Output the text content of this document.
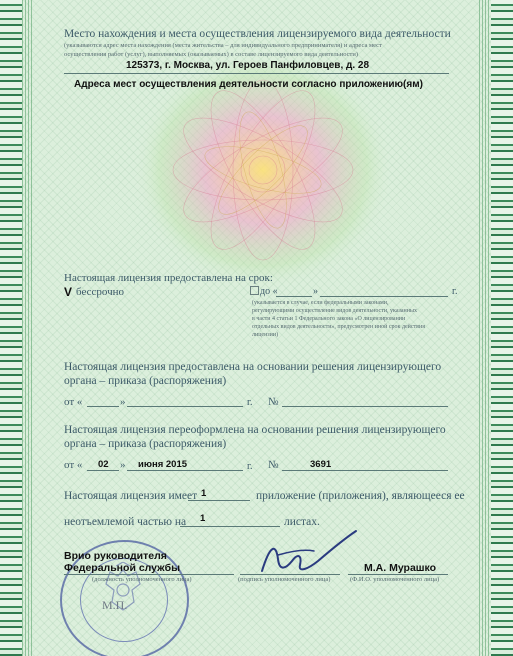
Место нахождения и места осуществления лицензируемого вида деятельности
(указываются адрес места нахождения (места жительства – для индивидуального предпринимателя) и адреса мест
осуществления работ (услуг), выполняемых (оказываемых) в составе лицензируемого вида деятельности)
125373, г. Москва, ул. Героев Панфиловцев, д. 28
Адреса мест осуществления деятельности согласно приложению(ям)
Настоящая лицензия предоставлена на срок:
V бессрочно	до «	»	г.
(указывается в случае, если федеральными законами,
регулирующими осуществление видов деятельности, указанных
в части 4 статьи 1 Федерального закона «О лицензировании
отдельных видов деятельности», предусмотрен иной срок действия
лицензии)
Настоящая лицензия предоставлена на основании решения лицензирующего
органа – приказа (распоряжения)
от «	»	г. №
Настоящая лицензия переоформлена на основании решения лицензирующего
органа – приказа (распоряжения)
от « 02 » июня 2015	г. №	3691
Настоящая лицензия имеет 1	приложение (приложения), являющееся ее
неотъемлемой частью на 1	листах.
М.П.
Врио руководителя
Федеральной службы
(должность уполномоченного лица)	(подпись уполномоченного лица)
М.А. Мурашко
(Ф.И.О. уполномоченного лица)
